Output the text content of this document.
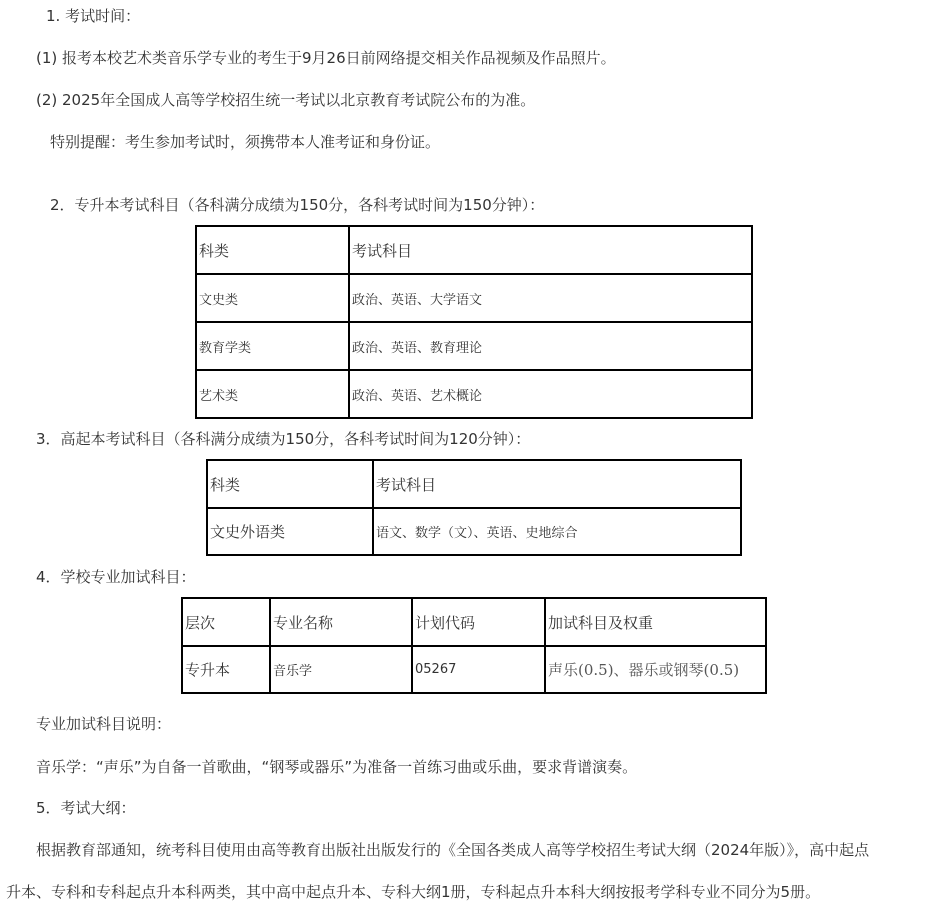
1. 考试时间：
(1) 报考本校艺术类音乐学专业的考生于9月26日前网络提交相关作品视频及作品照片。
(2) 2025年全国成人高等学校招生统一考试以北京教育考试院公布的为准。
特别提醒：考生参加考试时，须携带本人准考证和身份证。
2．专升本考试科目（各科满分成绩为150分，各科考试时间为150分钟）：
科类	考试科目
文史类	政治、英语、大学语文
教育学类	政治、英语、教育理论
艺术类	政治、英语、艺术概论
3．高起本考试科目（各科满分成绩为150分，各科考试时间为120分钟）：
科类	考试科目
文史外语类	语文、数学（文）、英语、史地综合
4．学校专业加试科目：
层次	专业名称	计划代码	加试科目及权重
专升本	音乐学	05267	声乐(0.5)、器乐或钢琴(0.5)
专业加试科目说明：
音乐学：“声乐”为自备一首歌曲，“钢琴或器乐”为准备一首练习曲或乐曲，要求背谱演奏。
5．考试大纲：
根据教育部通知，统考科目使用由高等教育出版社出版发行的《全国各类成人高等学校招生考试大纲（2024年版）》，高中起点
升本、专科和专科起点升本科两类，其中高中起点升本、专科大纲1册，专科起点升本科大纲按报考学科专业不同分为5册。
